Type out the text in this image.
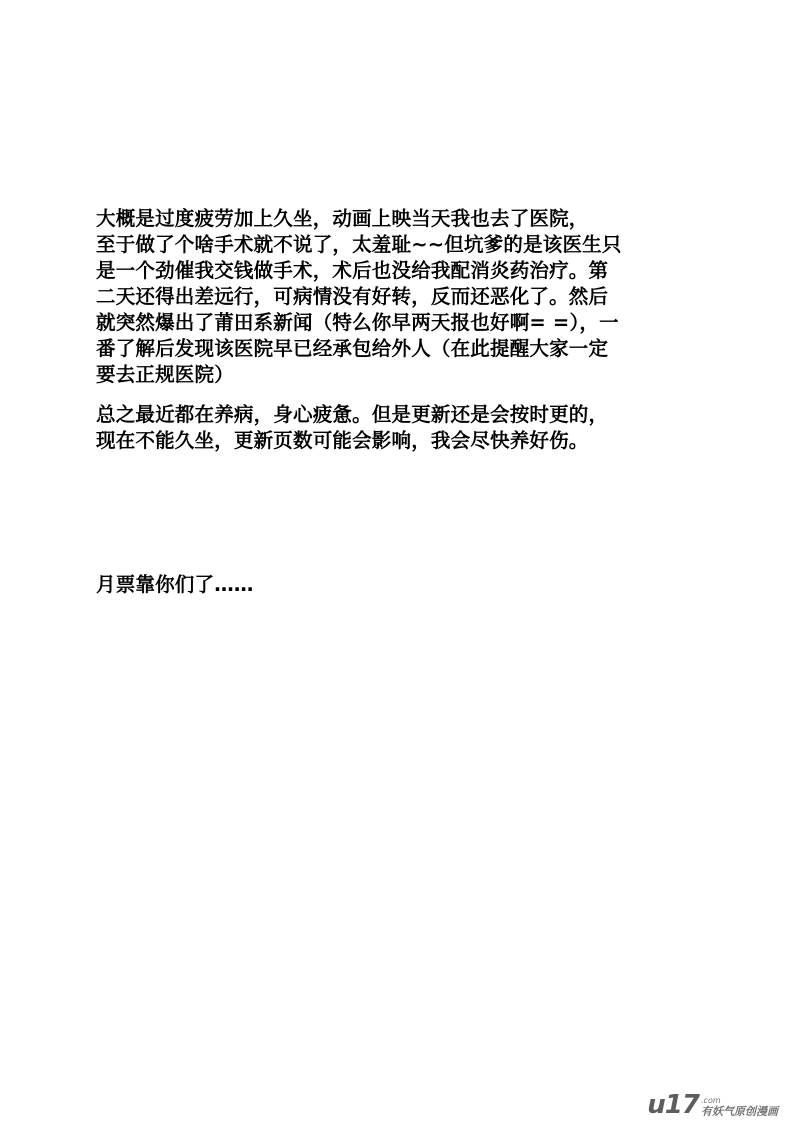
大概是过度疲劳加上久坐，动画上映当天我也去了医院，
至于做了个啥手术就不说了，太羞耻~~但坑爹的是该医生只
是一个劲催我交钱做手术，术后也没给我配消炎药治疗。第
二天还得出差远行，可病情没有好转，反而还恶化了。然后
就突然爆出了莆田系新闻（特么你早两天报也好啊= =），一
番了解后发现该医院早已经承包给外人（在此提醒大家一定
要去正规医院）
总之最近都在养病，身心疲惫。但是更新还是会按时更的，
现在不能久坐，更新页数可能会影响，我会尽快养好伤。
月票靠你们了……
u17 .com
有妖气原创漫画
